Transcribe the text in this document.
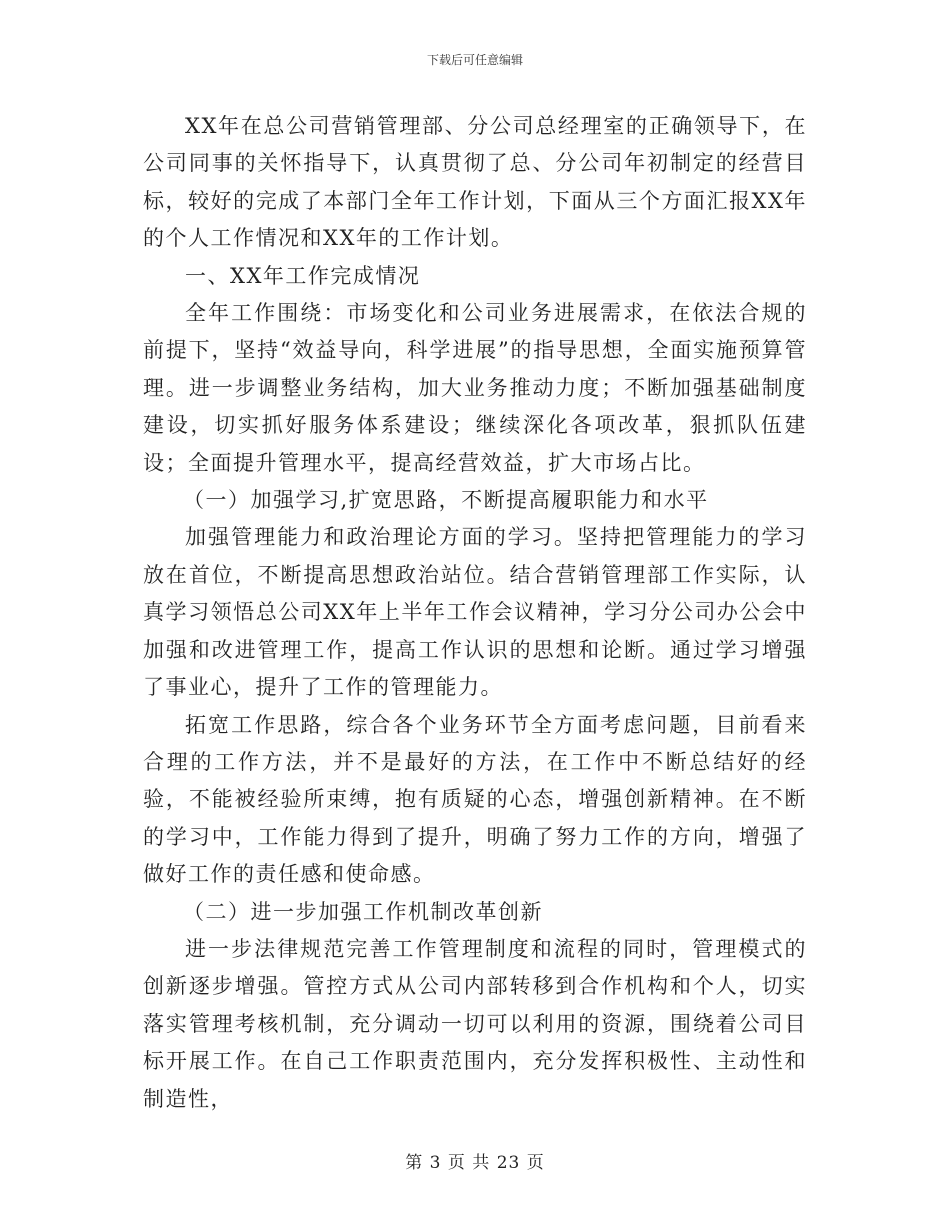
下载后可任意编辑

XX年在总公司营销管理部、分公司总经理室的正确领导下，在公司同事的关怀指导下，认真贯彻了总、分公司年初制定的经营目标，较好的完成了本部门全年工作计划，下面从三个方面汇报XX年的个人工作情况和XX年的工作计划。

一、XX年工作完成情况

全年工作围绕：市场变化和公司业务进展需求，在依法合规的前提下，坚持“效益导向，科学进展”的指导思想，全面实施预算管理。进一步调整业务结构，加大业务推动力度；不断加强基础制度建设，切实抓好服务体系建设；继续深化各项改革，狠抓队伍建设；全面提升管理水平，提高经营效益，扩大市场占比。

（一）加强学习,扩宽思路，不断提高履职能力和水平

加强管理能力和政治理论方面的学习。坚持把管理能力的学习放在首位，不断提高思想政治站位。结合营销管理部工作实际，认真学习领悟总公司XX年上半年工作会议精神，学习分公司办公会中加强和改进管理工作，提高工作认识的思想和论断。通过学习增强了事业心，提升了工作的管理能力。

拓宽工作思路，综合各个业务环节全方面考虑问题，目前看来合理的工作方法，并不是最好的方法，在工作中不断总结好的经验，不能被经验所束缚，抱有质疑的心态，增强创新精神。在不断的学习中，工作能力得到了提升，明确了努力工作的方向，增强了做好工作的责任感和使命感。

（二）进一步加强工作机制改革创新

进一步法律规范完善工作管理制度和流程的同时，管理模式的创新逐步增强。管控方式从公司内部转移到合作机构和个人，切实落实管理考核机制，充分调动一切可以利用的资源，围绕着公司目标开展工作。在自己工作职责范围内，充分发挥积极性、主动性和制造性，

第 3 页 共 23 页
